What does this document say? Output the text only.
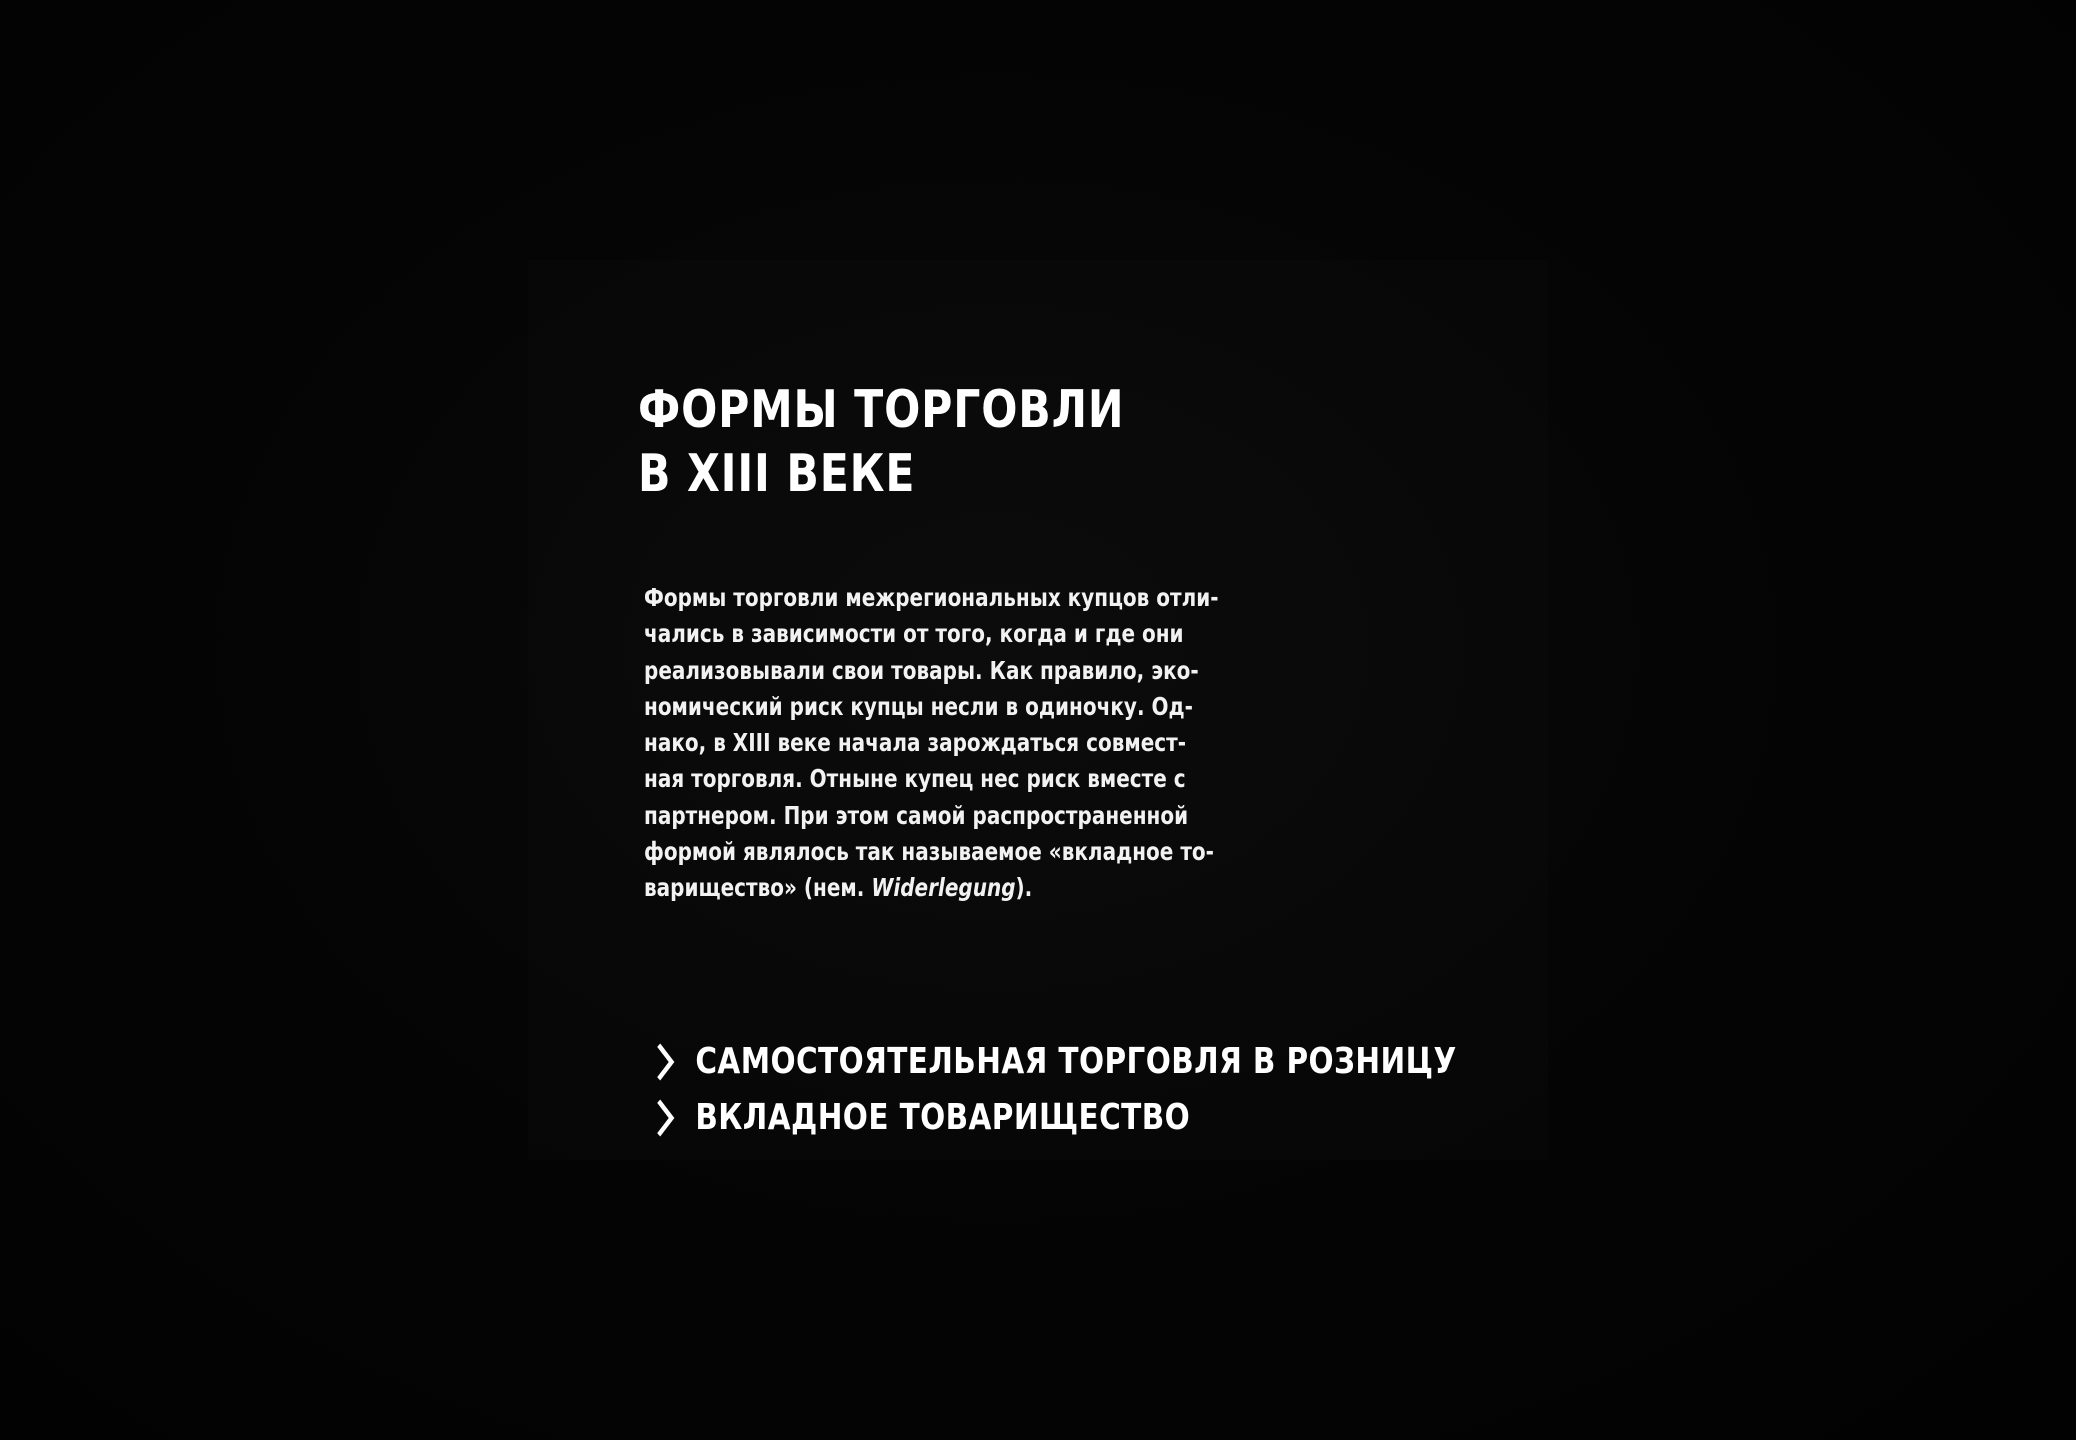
ФОРМЫ ТОРГОВЛИ
В XIII ВЕКЕ

Формы торговли межрегиональных купцов отли-
чались в зависимости от того, когда и где они
реализовывали свои товары. Как правило, эко-
номический риск купцы несли в одиночку. Од-
нако, в XIII веке начала зарождаться совмест-
ная торговля. Отныне купец нес риск вместе с
партнером. При этом самой распространенной
формой являлось так называемое «вкладное то-
варищество» (нем. Widerlegung).

САМОСТОЯТЕЛЬНАЯ ТОРГОВЛЯ В РОЗНИЦУ
ВКЛАДНОЕ ТОВАРИЩЕСТВО
